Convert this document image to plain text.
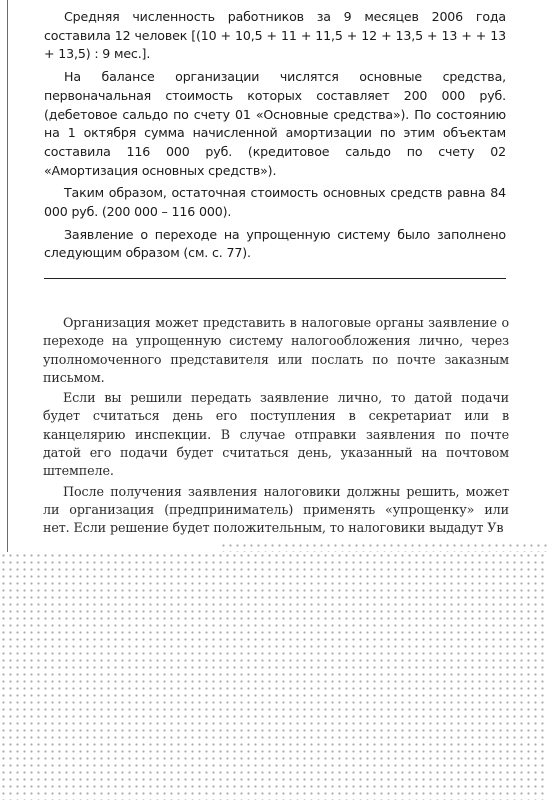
Средняя численность работников за 9 месяцев 2006 года составила 12 человек [(10 + 10,5 + 11 + 11,5 + 12 + 13,5 + 13 + + 13 + 13,5) : 9 мес.].

На балансе организации числятся основные средства, первоначальная стоимость которых составляет 200 000 руб. (дебетовое сальдо по счету 01 «Основные средства»). По состоянию на 1 октября сумма начисленной амортизации по этим объектам составила 116 000 руб. (кредитовое сальдо по счету 02 «Амортизация основных средств»).

Таким образом, остаточная стоимость основных средств равна 84 000 руб. (200 000 – 116 000).

Заявление о переходе на упрощенную систему было заполнено следующим образом (см. с. 77).

Организация может представить в налоговые органы заявление о переходе на упрощенную систему налогообложения лично, через уполномоченного представителя или послать по почте заказным письмом.

Если вы решили передать заявление лично, то датой подачи будет считаться день его поступления в секретариат или в канцелярию инспекции. В случае отправки заявления по почте датой его подачи будет считаться день, указанный на почтовом штемпеле.

После получения заявления налоговики должны решить, может ли организация (предприниматель) применять «упрощенку» или нет. Если решение будет положительным, то налоговики выдадут Ув
